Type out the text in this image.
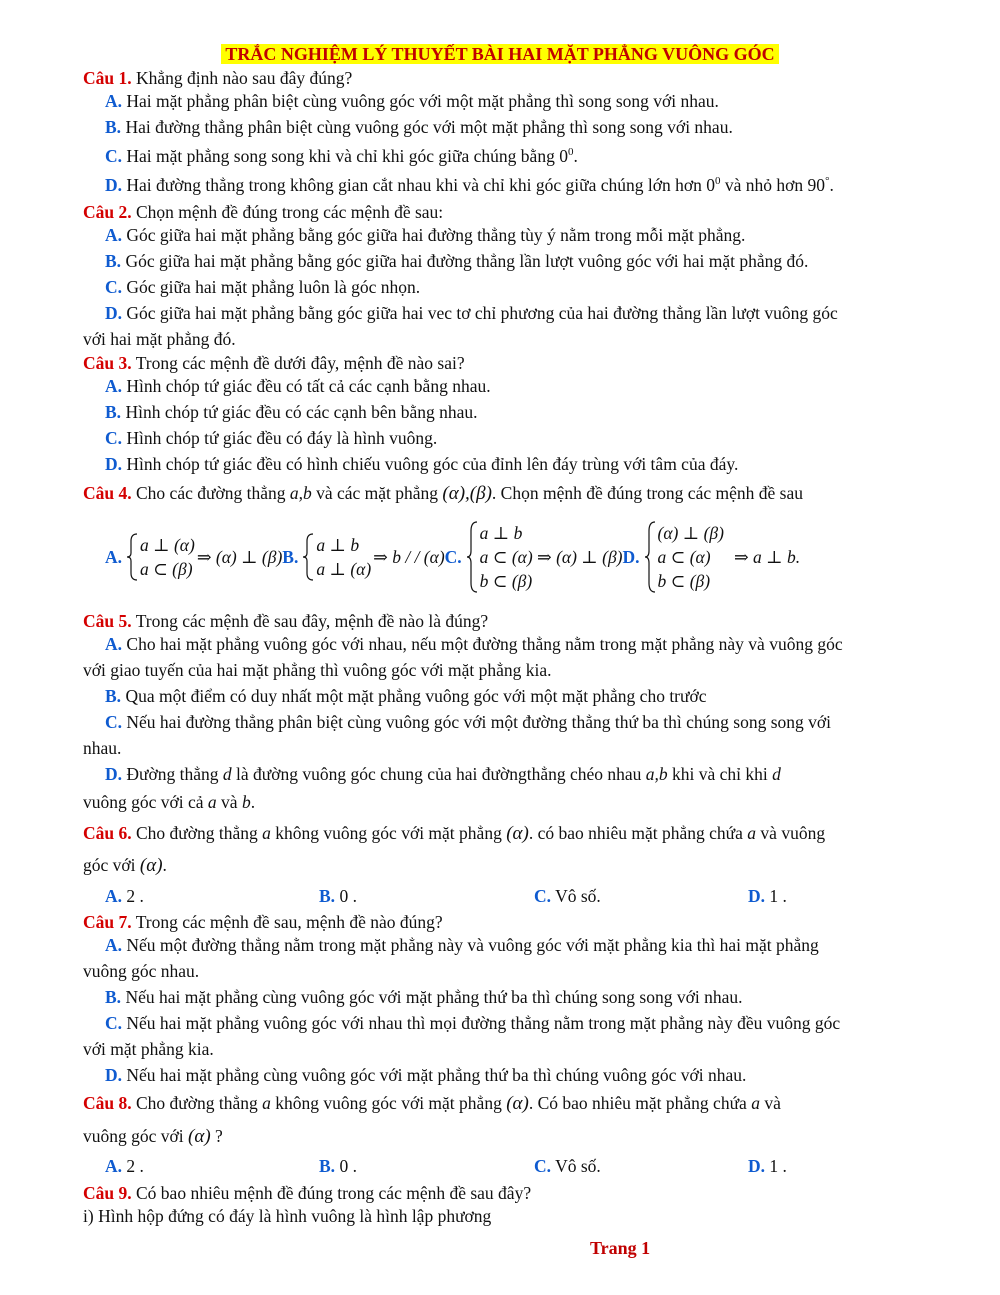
TRẮC NGHIỆM LÝ THUYẾT BÀI HAI MẶT PHẲNG VUÔNG GÓC
Câu 1. Khẳng định nào sau đây đúng?
A. Hai mặt phẳng phân biệt cùng vuông góc với một mặt phẳng thì song song với nhau.
B. Hai đường thẳng phân biệt cùng vuông góc với một mặt phẳng thì song song với nhau.
C. Hai mặt phẳng song song khi và chỉ khi góc giữa chúng bằng $0^0$.
D. Hai đường thẳng trong không gian cắt nhau khi và chỉ khi góc giữa chúng lớn hơn $0^0$ và nhỏ hơn 90°.
Câu 2. Chọn mệnh đề đúng trong các mệnh đề sau:
A. Góc giữa hai mặt phẳng bằng góc giữa hai đường thẳng tùy ý nằm trong mỗi mặt phẳng.
B. Góc giữa hai mặt phẳng bằng góc giữa hai đường thẳng lần lượt vuông góc với hai mặt phẳng đó.
C. Góc giữa hai mặt phẳng luôn là góc nhọn.
D. Góc giữa hai mặt phẳng bằng góc giữa hai vec tơ chỉ phương của hai đường thẳng lần lượt vuông góc
với hai mặt phẳng đó.
Câu 3. Trong các mệnh đề dưới đây, mệnh đề nào sai?
A. Hình chóp tứ giác đều có tất cả các cạnh bằng nhau.
B. Hình chóp tứ giác đều có các cạnh bên bằng nhau.
C. Hình chóp tứ giác đều có đáy là hình vuông.
D. Hình chóp tứ giác đều có hình chiếu vuông góc của đỉnh lên đáy trùng với tâm của đáy.
Câu 4. Cho các đường thẳng a,b và các mặt phẳng (α),(β). Chọn mệnh đề đúng trong các mệnh đề sau
A.
a ⊥ (α)
a ⊂ (β)
⇒ (α) ⊥ (β) B.
a ⊥ b
a ⊥ (α)
⇒ b / / (α) C.
a ⊥ b
a ⊂ (α) ⇒ (α) ⊥ (β)
b ⊂ (β)
D.
(α) ⊥ (β)
a ⊂ (α)
b ⊂ (β)
⇒ a ⊥ b.
Câu 5. Trong các mệnh đề sau đây, mệnh đề nào là đúng?
A. Cho hai mặt phẳng vuông góc với nhau, nếu một đường thẳng nằm trong mặt phẳng này và vuông góc
với giao tuyến của hai mặt phẳng thì vuông góc với mặt phẳng kia.
B. Qua một điểm có duy nhất một mặt phẳng vuông góc với một mặt phẳng cho trước
C. Nếu hai đường thẳng phân biệt cùng vuông góc với một đường thẳng thứ ba thì chúng song song với
nhau.
D. Đường thẳng d là đường vuông góc chung của hai đườngthẳng chéo nhau a,b khi và chỉ khi d
vuông góc với cả a và b.
Câu 6. Cho đường thẳng a không vuông góc với mặt phẳng (α). có bao nhiêu mặt phẳng chứa a và vuông
góc với (α).
A. 2 .	B. 0 .	C. Vô số.	D. 1 .
Câu 7. Trong các mệnh đề sau, mệnh đề nào đúng?
A. Nếu một đường thẳng nằm trong mặt phẳng này và vuông góc với mặt phẳng kia thì hai mặt phẳng
vuông góc nhau.
B. Nếu hai mặt phẳng cùng vuông góc với mặt phẳng thứ ba thì chúng song song với nhau.
C. Nếu hai mặt phẳng vuông góc với nhau thì mọi đường thẳng nằm trong mặt phẳng này đều vuông góc
với mặt phẳng kia.
D. Nếu hai mặt phẳng cùng vuông góc với mặt phẳng thứ ba thì chúng vuông góc với nhau.
Câu 8. Cho đường thẳng a không vuông góc với mặt phẳng (α). Có bao nhiêu mặt phẳng chứa a và
vuông góc với (α) ?
A. 2 .	B. 0 .	C. Vô số.	D. 1 .
Câu 9. Có bao nhiêu mệnh đề đúng trong các mệnh đề sau đây?
i) Hình hộp đứng có đáy là hình vuông là hình lập phương
Trang 1
